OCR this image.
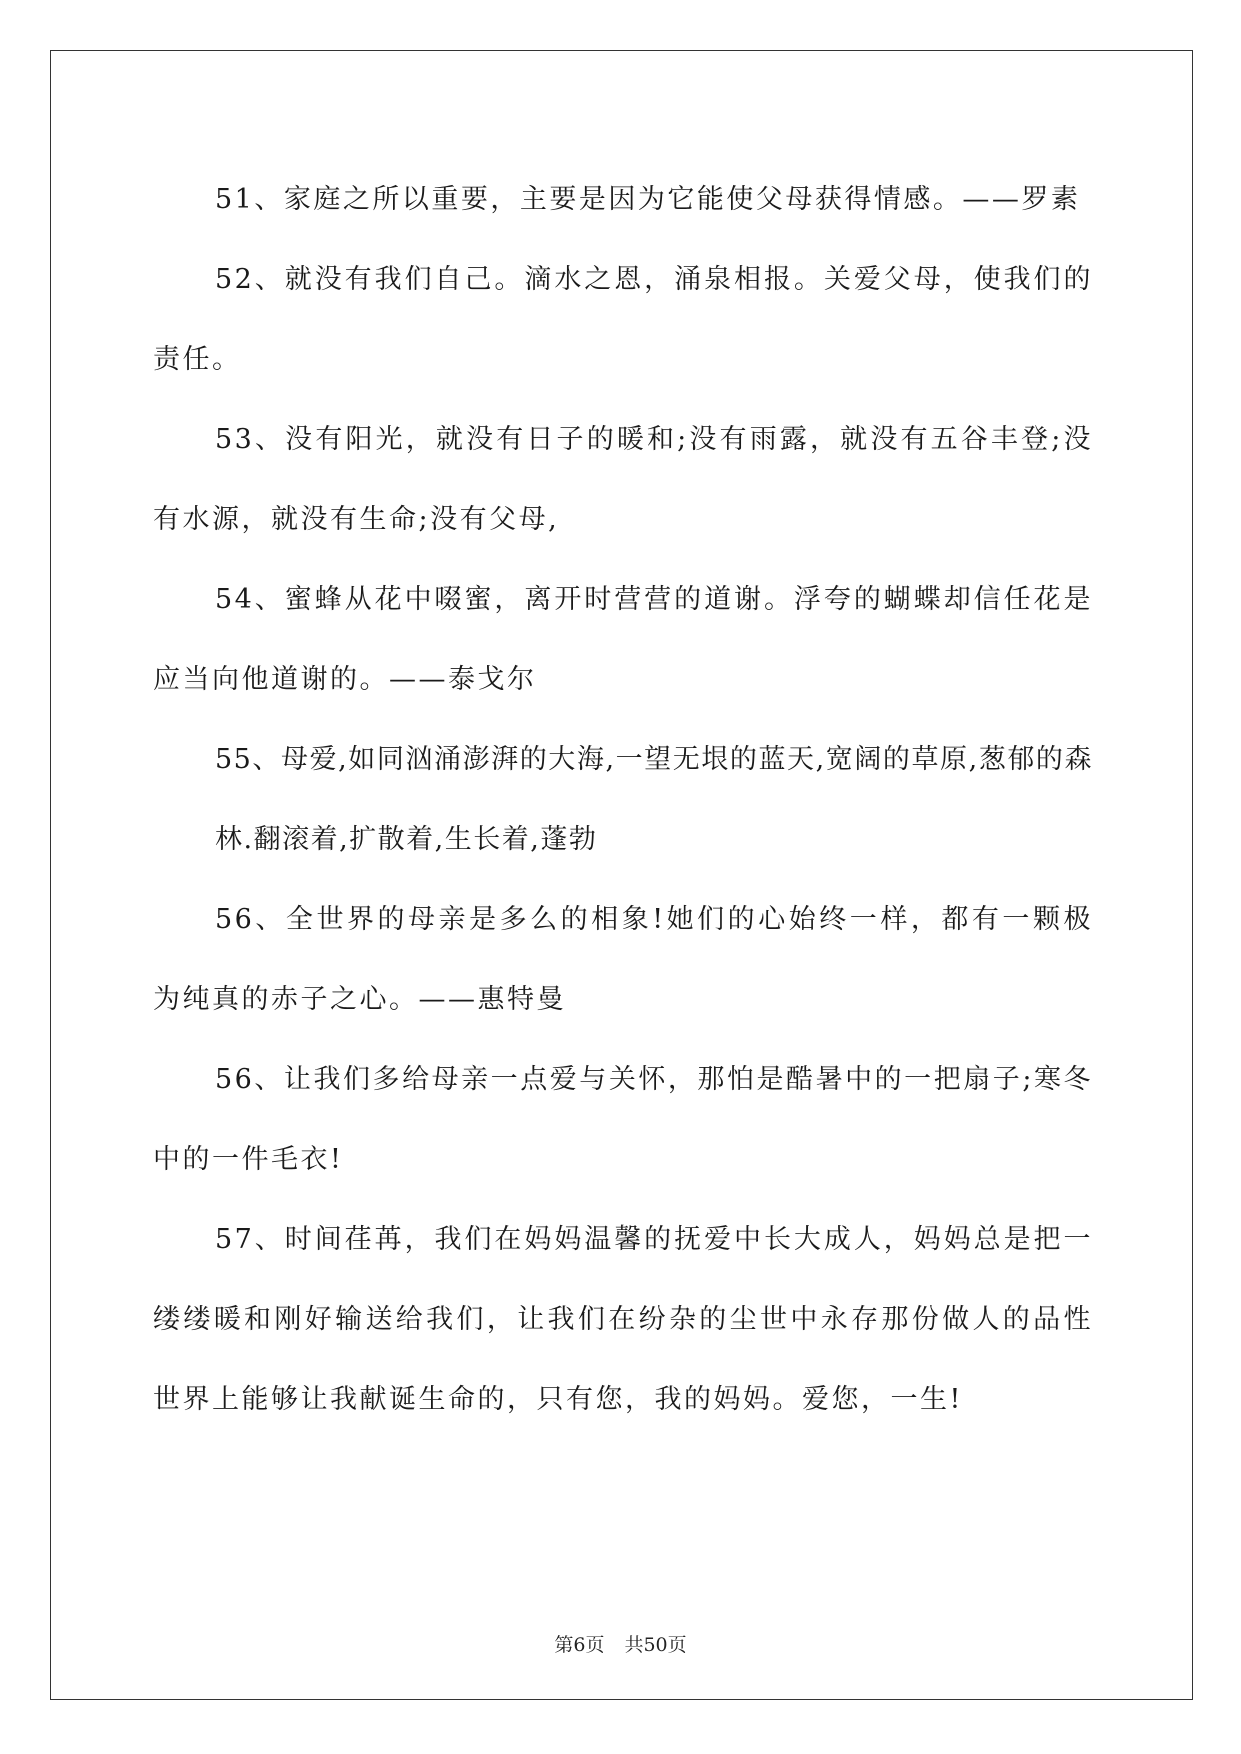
51、家庭之所以重要，主要是因为它能使父母获得情感。——罗素

52、就没有我们自己。滴水之恩，涌泉相报。关爱父母，使我们的责任。

53、没有阳光，就没有日子的暖和;没有雨露，就没有五谷丰登;没有水源，就没有生命;没有父母,

54、蜜蜂从花中啜蜜，离开时营营的道谢。浮夸的蝴蝶却信任花是应当向他道谢的。——泰戈尔

55、母爱,如同汹涌澎湃的大海,一望无垠的蓝天,宽阔的草原,葱郁的森林.翻滚着,扩散着,生长着,蓬勃

56、全世界的母亲是多么的相象!她们的心始终一样，都有一颗极为纯真的赤子之心。——惠特曼

56、让我们多给母亲一点爱与关怀，那怕是酷暑中的一把扇子;寒冬中的一件毛衣!

57、时间荏苒，我们在妈妈温馨的抚爱中长大成人，妈妈总是把一缕缕暖和刚好输送给我们，让我们在纷杂的尘世中永存那份做人的品性 世界上能够让我献诞生命的，只有您，我的妈妈。爱您，一生!

第6页 共50页
